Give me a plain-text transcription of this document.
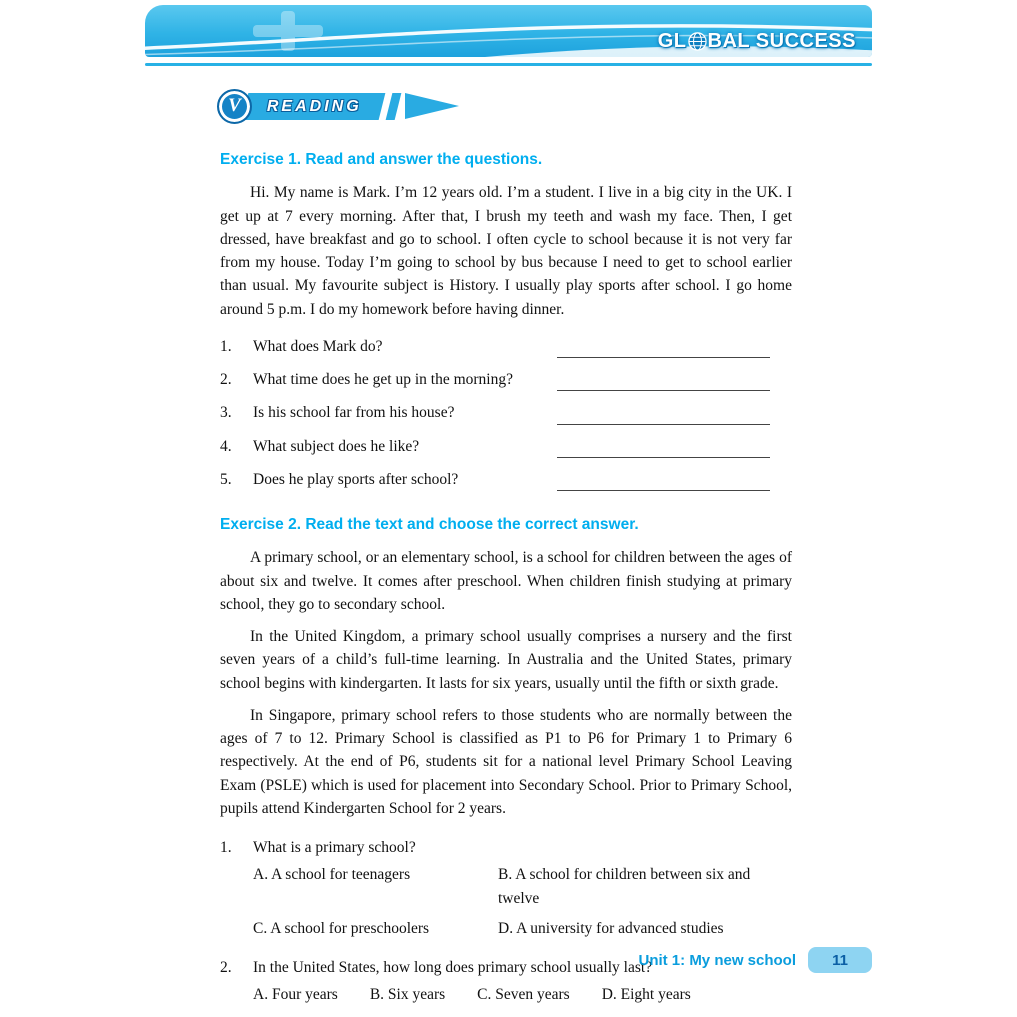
GL BAL SUCCESS
V READING
Exercise 1. Read and answer the questions.

Hi. My name is Mark. I’m 12 years old. I’m a student. I live in a big city in the UK. I get up at 7 every morning. After that, I brush my teeth and wash my face. Then, I get dressed, have breakfast and go to school. I often cycle to school because it is not very far from my house. Today I’m going to school by bus because I need to get to school earlier than usual. My favourite subject is History. I usually play sports after school. I go home around 5 p.m. I do my homework before having dinner.

1.	What does Mark do?
2.	What time does he get up in the morning?
3.	Is his school far from his house?
4.	What subject does he like?
5.	Does he play sports after school?
Exercise 2. Read the text and choose the correct answer.

A primary school, or an elementary school, is a school for children between the ages of about six and twelve. It comes after preschool. When children finish studying at primary school, they go to secondary school.

In the United Kingdom, a primary school usually comprises a nursery and the first seven years of a child’s full-time learning. In Australia and the United States, primary school begins with kindergarten. It lasts for six years, usually until the fifth or sixth grade.

In Singapore, primary school refers to those students who are normally between the ages of 7 to 12. Primary School is classified as P1 to P6 for Primary 1 to Primary 6 respectively. At the end of P6, students sit for a national level Primary School Leaving Exam (PSLE) which is used for placement into Secondary School. Prior to Primary School, pupils attend Kindergarten School for 2 years.

1.	What is a primary school?
A. A school for teenagers	B. A school for children between six and twelve
C. A school for preschoolers	D. A university for advanced studies
2.	In the United States, how long does primary school usually last?
A. Four years B. Six years C. Seven years D. Eight years
Unit 1: My new school 11
